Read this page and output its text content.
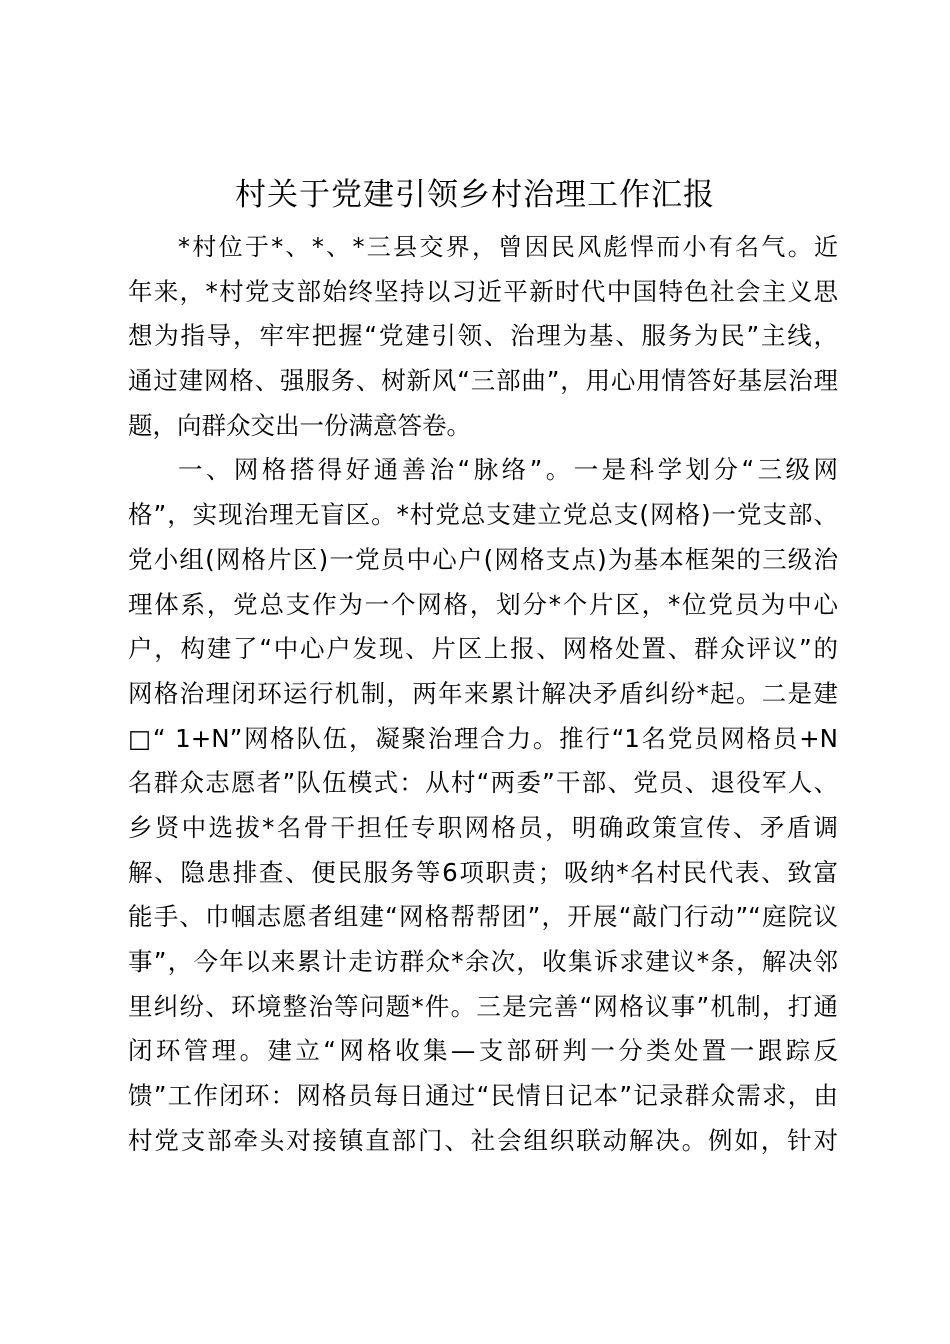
村关于党建引领乡村治理工作汇报
*村位于*、*、*三县交界，曾因民风彪悍而小有名气。近
年来，*村党支部始终坚持以习近平新时代中国特色社会主义思
想为指导，牢牢把握“党建引领、治理为基、服务为民”主线，
通过建网格、强服务、树新风“三部曲”，用心用情答好基层治理
题，向群众交出一份满意答卷。
一、网格搭得好通善治“脉络”。一是科学划分“三级网
格”，实现治理无盲区。*村党总支建立党总支(网格)一党支部、
党小组(网格片区)一党员中心户(网格支点)为基本框架的三级治
理体系，党总支作为一个网格，划分*个片区，*位党员为中心
户，构建了“中心户发现、片区上报、网格处置、群众评议”的
网格治理闭环运行机制，两年来累计解决矛盾纠纷*起。二是建
□“ 1+N”网格队伍，凝聚治理合力。推行“1名党员网格员+N
名群众志愿者”队伍模式：从村“两委”干部、党员、退役军人、
乡贤中选拔*名骨干担任专职网格员，明确政策宣传、矛盾调
解、隐患排查、便民服务等6项职责；吸纳*名村民代表、致富
能手、巾帼志愿者组建“网格帮帮团”，开展“敲门行动”“庭院议
事”，今年以来累计走访群众*余次，收集诉求建议*条，解决邻
里纠纷、环境整治等问题*件。三是完善“网格议事”机制，打通
闭环管理。建立“网格收集—支部研判一分类处置一跟踪反
馈”工作闭环：网格员每日通过“民情日记本”记录群众需求，由
村党支部牵头对接镇直部门、社会组织联动解决。例如，针对
